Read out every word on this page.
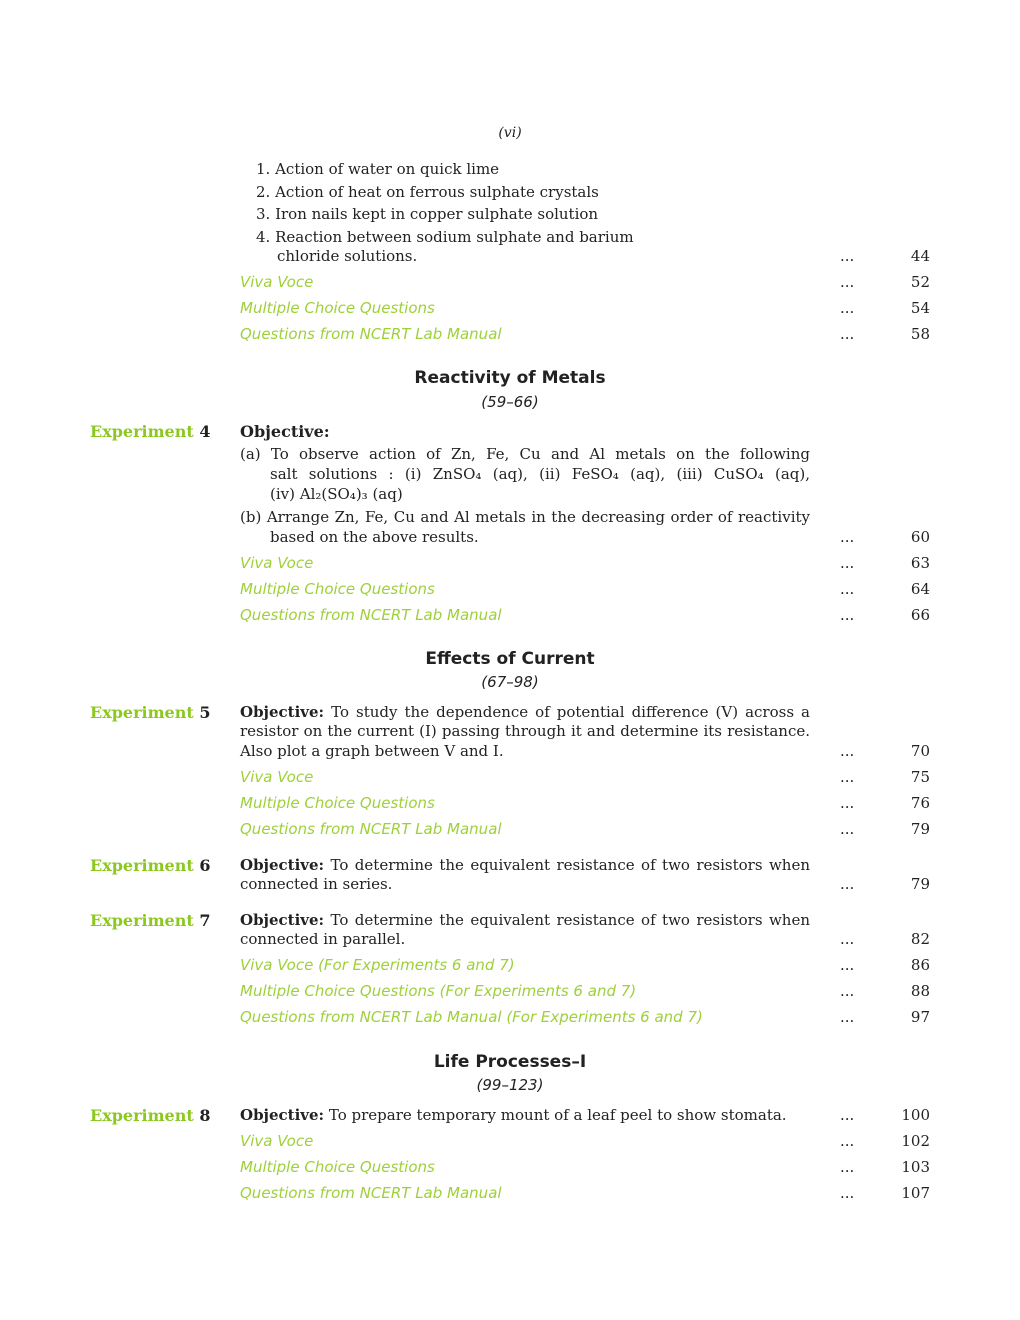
(vi)
1. Action of water on quick lime
2. Action of heat on ferrous sulphate crystals
3. Iron nails kept in copper sulphate solution
4. Reaction between sodium sulphate and barium
chloride solutions.	...	44
Viva Voce	...	52
Multiple Choice Questions	...	54
Questions from NCERT Lab Manual	...	58
Reactivity of Metals
(59–66)
Experiment 4 Objective:
(a) To observe action of Zn, Fe, Cu and Al metals on the following
salt solutions : (i) ZnSO₄ (aq), (ii) FeSO₄ (aq), (iii) CuSO₄ (aq),
(iv) Al₂(SO₄)₃ (aq)
(b) Arrange Zn, Fe, Cu and Al metals in the decreasing order of reactivity
based on the above results.	...	60
Viva Voce	...	63
Multiple Choice Questions	...	64
Questions from NCERT Lab Manual	...	66
Effects of Current
(67–98)
Experiment 5 Objective: To study the dependence of potential difference (V) across a
resistor on the current (I) passing through it and determine its resistance.
Also plot a graph between V and I.	...	70
Viva Voce	...	75
Multiple Choice Questions	...	76
Questions from NCERT Lab Manual	...	79
Experiment 6 Objective: To determine the equivalent resistance of two resistors when
connected in series.	...	79
Experiment 7 Objective: To determine the equivalent resistance of two resistors when
connected in parallel.	...	82
Viva Voce (For Experiments 6 and 7)	...	86
Multiple Choice Questions (For Experiments 6 and 7)	...	88
Questions from NCERT Lab Manual (For Experiments 6 and 7)	...	97
Life Processes–I
(99–123)
Experiment 8 Objective: To prepare temporary mount of a leaf peel to show stomata.	...	100
Viva Voce	...	102
Multiple Choice Questions	...	103
Questions from NCERT Lab Manual	...	107
